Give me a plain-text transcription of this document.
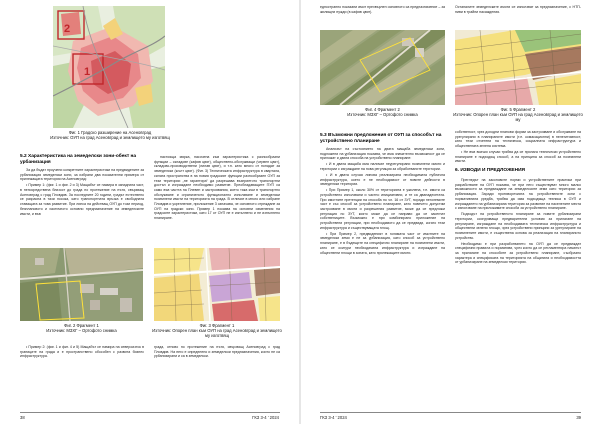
2
1
Фиг. 1 Градско разширение на Асеновград
Източник: ОУП на град Асеновград и землището му изготвящ
5.2 Характеристика на земеделски зони-обект на урбанизация

За да бъдат проучени конкретните характеристики на предвидените за урбанизация земеделски зони, за избрани два показателни примера от прилежащата територия на Асеновград:

• Пример 1: (фиг. 1 и фиг. 2 и 3) Мащабът се намира в западната част, в непосредствена близост до града по протежение на пътя, свързващ Асеновград с град Пловдив. За последните 20 години, градът естествено се разрасна в тази посока, като транспортната връзка е свободната ставащата за това развитие. При липса на действащ ОУП до този период, безплановото и хаотичното основно предназначение на земеделските имоти, и във

настояща мярка, насочена към характеристика с разнообразни функции – складове (кафяв цвят), обществено-обслужващи (червен цвят), складово-производствени (лилав цвят), и т.н. като много от попадат за земеделски (жълт цвят). (Фиг. 3) Техническата инфраструктура в кварталa, силата пространства в на новия градският функции разнообразен ОУП за тези територии „не гарантира“ да разрешава възприетото транспортни достъп и изграждане необходимо развитие. Преобладаващите ПУП са само във частта на Плевен и застроявания, което така към в транспортно обслужване и ограниченото функционално използване и земеделски поземлени имоти на територията на града. В отличие в много или избранe Пловдив и укрепление, приложeние 3 означава, че основното отреждане за ОУП на градски зони. Пример 1 показва на основни изменения на градските характеристики, като 17 от ОУП не е изпълнено и не изпълнено планиране.

Фиг. 2 Фрагмент 1
Източник: МЗХГ – Ортофото снимка
Фиг. 3 Фрагмент 1
Източник: Опорен план към ОУП на град Асеновград и землището му изготвящ

• Пример 2: (фиг. 1 и фиг. 4 и 5) Мащабът се намира на североизток в границите на града и е пространствено обособен с развита бизнес инфраструктура.

града, отново по протежение на пътя, свързващ Асеновград с град Пловдив. На него е определено и земеделски предназначения, които не са урбанизирани и са в земеделски.

38	ГКЗ 3-4 ' 2024

едностранно показани имот прехвърлен основното са предназначение – за жилищни нужди (в кафяв цвят).

Останалите земеделските имоти се използват за предназначение, с НТП-ниви в трайни насаждения.

Фиг. 4 Фрагмент 2
Източник: МЗХГ – Ортофото снимка
Фиг. 5 Фрагмент 2
Източник: Опорен план към ОУП на град Асеновград и землището му
5.3 Възможни предложения от ОУП за способът на устройствено планиране

Анализът на състоянието на двата мащаба земеделски зони, подложени на урбанизация показва, че има значително възможност да се приложат и двата способа на устройствено планиране:

• И в двата мащаба има наличие неурегулирани поземлени имоти и територии с изграждане на нова регулация за обработваните територии.

• И в двата случая липсва реализирана необходимата публична инфраструктура, което е не необходимост от новите дейности в земеделски територии.

• При Пример 1, около 30% от територията е ужилена, т.е. имоти са устройствено използвани и частно инициативни, и те са дванадесетата. При имотните претенции на способа по чл. 16 от ЗУТ, поради неголемите част е със способ за устройствено планиране, като повечето допустим застрояване в имоти и разрешения развитие, може да се предложи регулация по ЗУТ, която може да се направи да се засегнат собствениците. Възможно е при комбинирано приложение на устройствени регулации, при необходимото да се предвиди, когато тези инфраструктура и съществуващата площ.

• При Пример 2, предвиденият в голямата част от имотните на земеделски земи е не за урбанизация, като способ за устройствено планиране, е в бъдещите на специфично планиране на поземлени имоти, като се осигури необходимата инфраструктура и изграждане на обществени площи в зоната, като прилежащите имоти.

собственост, чрез доходни планови форми за застрояване и обслужване на урегулирани в планираните имоти (т.е. комасационни) в нелегитимност, като тези отчетени на техническа, социалната инфраструктура и обществената зелена система.

• Не във всички случаи трябва да се прилага технически устройствено планиране е подходящ способ, а на принципа за способ за поземлени имоти.

6. ИЗВОДИ И ПРЕДЛОЖЕНИЯ

Прегледът на законовите норми и устройствените практики при разработване на ОУП показва, че при него съществуват много малко възможности за предвиждане на земеделските земи като територии за урбанизация. Заради противоречията на устройствените зони с нормативната уредба, трябва да има подходяща техника в ОУП и изграждането на урбанизирана територия за развитие на населените места с използване на приложимите способи за устройствено планиране.

Подходът на устройственото планиране за новите урбанизирани територии, осигуряващи предварителни условия за прилагане на регулиране, изграждане на необходимата техническа инфраструктура и обществени зелени площи, чрез устройствени принципи за урегулиране на поземлените имоти, е съществена основа за реализация на планираното устройство.

Необходимо е при разработването на ОУП да се предвиждат специфични правила и нормативи, чрез които да се регламентира начинът за прилагане на способите за устройствено планиране, съобразно характера и спецификата на територията на общината и необходимостта от урбанизиране на земеделски територии.

ГКЗ 3-4 ' 2024	39
